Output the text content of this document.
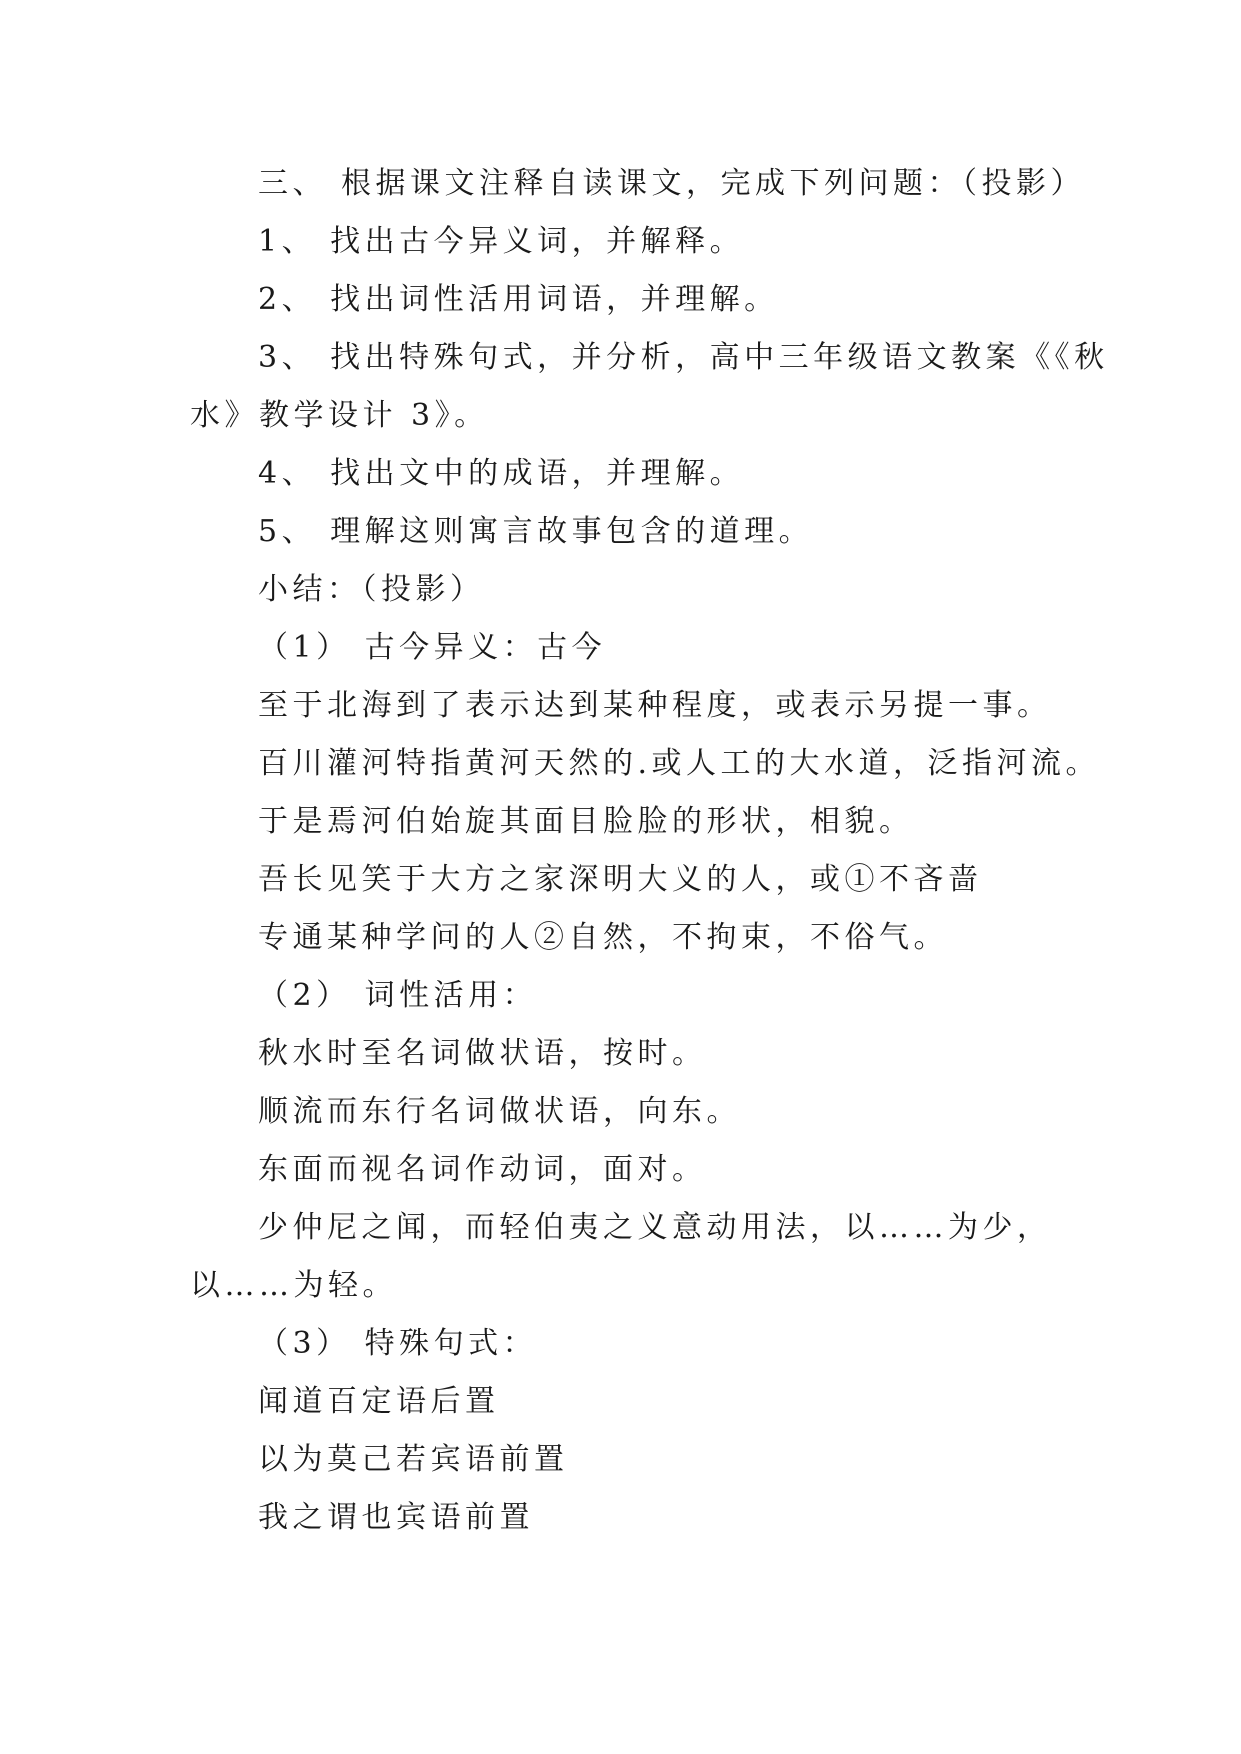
三、 根据课文注释自读课文，完成下列问题：（投影）

1、 找出古今异义词，并解释。

2、 找出词性活用词语，并理解。

3、 找出特殊句式，并分析，高中三年级语文教案《《秋

水》教学设计 3》。

4、 找出文中的成语，并理解。

5、 理解这则寓言故事包含的道理。

小结：（投影）

（1） 古今异义：古今

至于北海到了表示达到某种程度，或表示另提一事。

百川灌河特指黄河天然的.或人工的大水道，泛指河流。

于是焉河伯始旋其面目脸脸的形状，相貌。

吾长见笑于大方之家深明大义的人，或①不吝啬

专通某种学问的人②自然，不拘束，不俗气。

（2） 词性活用：

秋水时至名词做状语，按时。

顺流而东行名词做状语，向东。

东面而视名词作动词，面对。

少仲尼之闻，而轻伯夷之义意动用法，以……为少，

以……为轻。

（3） 特殊句式：

闻道百定语后置

以为莫己若宾语前置

我之谓也宾语前置
